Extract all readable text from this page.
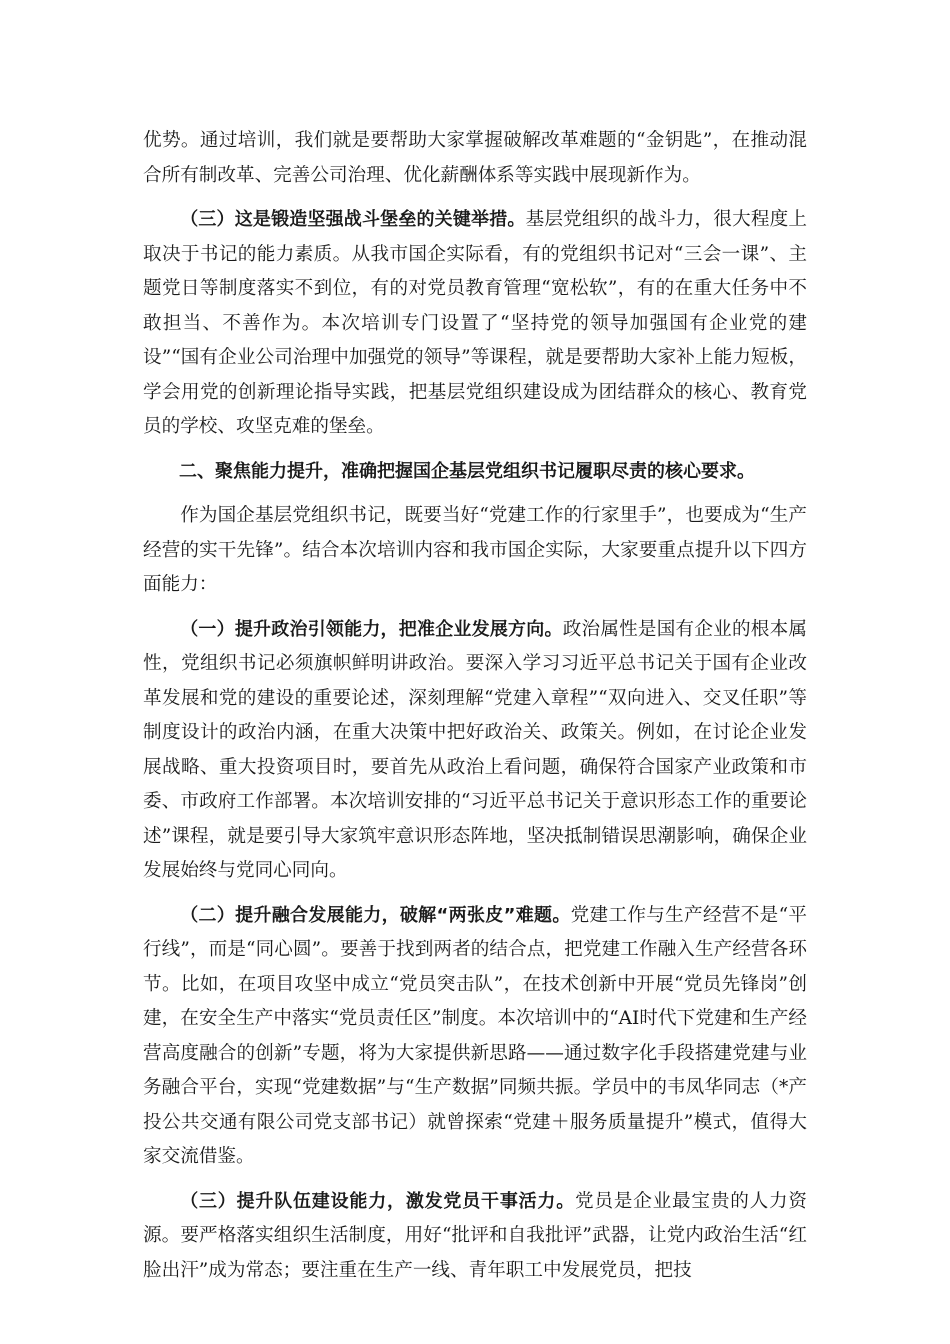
优势。通过培训，我们就是要帮助大家掌握破解改革难题的“金钥匙”，在推动混合所有制改革、完善公司治理、优化薪酬体系等实践中展现新作为。

（三）这是锻造坚强战斗堡垒的关键举措。基层党组织的战斗力，很大程度上取决于书记的能力素质。从我市国企实际看，有的党组织书记对“三会一课”、主题党日等制度落实不到位，有的对党员教育管理“宽松软”，有的在重大任务中不敢担当、不善作为。本次培训专门设置了“坚持党的领导加强国有企业党的建设”“国有企业公司治理中加强党的领导”等课程，就是要帮助大家补上能力短板，学会用党的创新理论指导实践，把基层党组织建设成为团结群众的核心、教育党员的学校、攻坚克难的堡垒。

二、聚焦能力提升，准确把握国企基层党组织书记履职尽责的核心要求。

作为国企基层党组织书记，既要当好“党建工作的行家里手”，也要成为“生产经营的实干先锋”。结合本次培训内容和我市国企实际，大家要重点提升以下四方面能力：

（一）提升政治引领能力，把准企业发展方向。政治属性是国有企业的根本属性，党组织书记必须旗帜鲜明讲政治。要深入学习习近平总书记关于国有企业改革发展和党的建设的重要论述，深刻理解“党建入章程”“双向进入、交叉任职”等制度设计的政治内涵，在重大决策中把好政治关、政策关。例如，在讨论企业发展战略、重大投资项目时，要首先从政治上看问题，确保符合国家产业政策和市委、市政府工作部署。本次培训安排的“习近平总书记关于意识形态工作的重要论述”课程，就是要引导大家筑牢意识形态阵地，坚决抵制错误思潮影响，确保企业发展始终与党同心同向。

（二）提升融合发展能力，破解“两张皮”难题。党建工作与生产经营不是“平行线”，而是“同心圆”。要善于找到两者的结合点，把党建工作融入生产经营各环节。比如，在项目攻坚中成立“党员突击队”，在技术创新中开展“党员先锋岗”创建，在安全生产中落实“党员责任区”制度。本次培训中的“AI时代下党建和生产经营高度融合的创新”专题，将为大家提供新思路——通过数字化手段搭建党建与业务融合平台，实现“党建数据”与“生产数据”同频共振。学员中的韦凤华同志（*产投公共交通有限公司党支部书记）就曾探索“党建＋服务质量提升”模式，值得大家交流借鉴。

（三）提升队伍建设能力，激发党员干事活力。党员是企业最宝贵的人力资源。要严格落实组织生活制度，用好“批评和自我批评”武器，让党内政治生活“红脸出汗”成为常态；要注重在生产一线、青年职工中发展党员，把技
